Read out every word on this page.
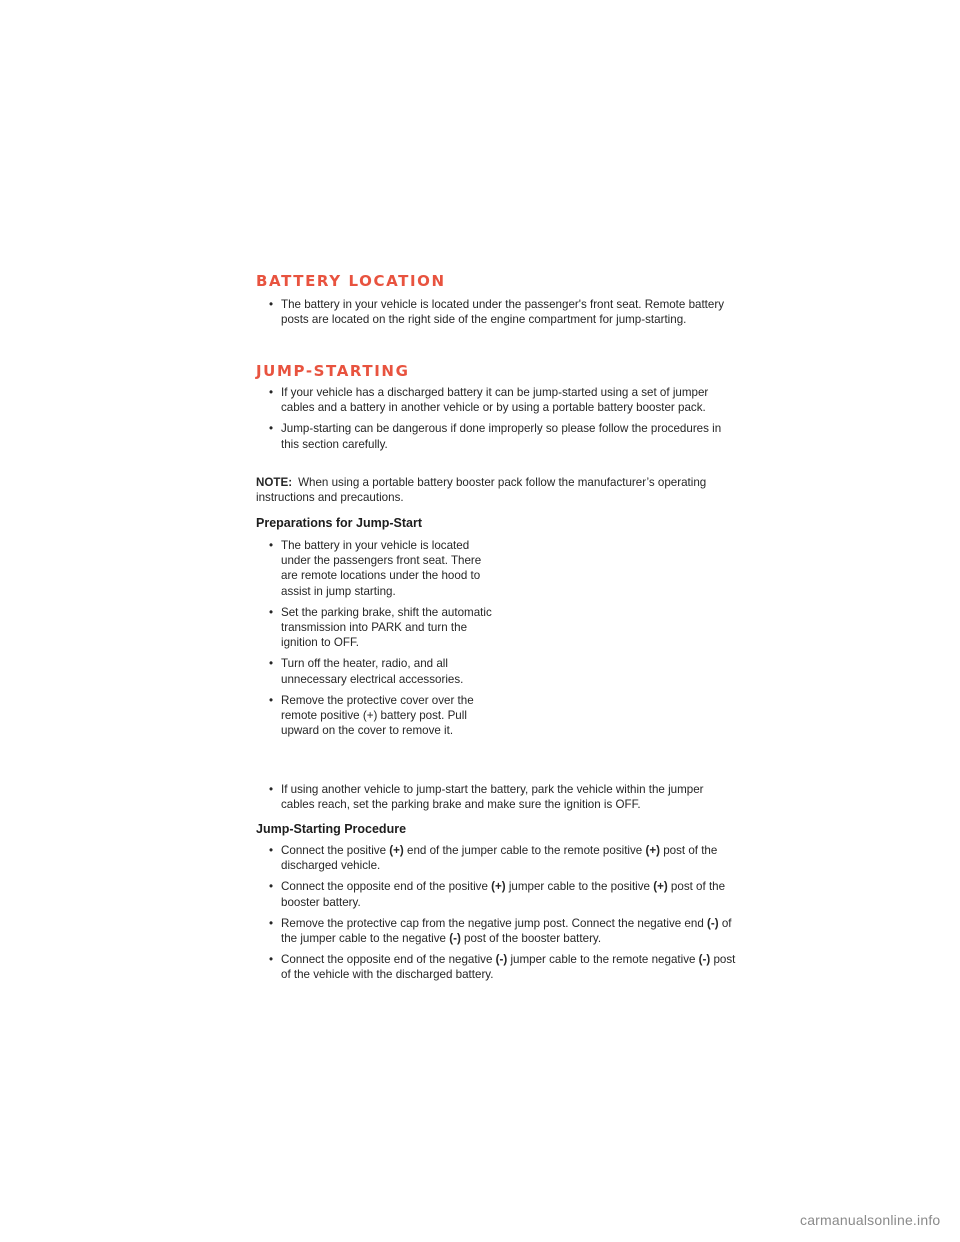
BATTERY LOCATION
• The battery in your vehicle is located under the passenger's front seat. Remote battery posts are located on the right side of the engine compartment for jump-starting.
JUMP-STARTING
• If your vehicle has a discharged battery it can be jump-started using a set of jumper cables and a battery in another vehicle or by using a portable battery booster pack.
• Jump-starting can be dangerous if done improperly so please follow the procedures in this section carefully.

NOTE: When using a portable battery booster pack follow the manufacturer’s operating instructions and precautions.

Preparations for Jump-Start
• The battery in your vehicle is located under the passengers front seat. There are remote locations under the hood to assist in jump starting.
• Set the parking brake, shift the automatic transmission into PARK and turn the ignition to OFF.
• Turn off the heater, radio, and all unnecessary electrical accessories.
• Remove the protective cover over the remote positive (+) battery post. Pull upward on the cover to remove it.
• If using another vehicle to jump-start the battery, park the vehicle within the jumper cables reach, set the parking brake and make sure the ignition is OFF.
Jump-Starting Procedure
• Connect the positive (+) end of the jumper cable to the remote positive (+) post of the discharged vehicle.
• Connect the opposite end of the positive (+) jumper cable to the positive (+) post of the booster battery.
• Remove the protective cap from the negative jump post. Connect the negative end (-) of the jumper cable to the negative (-) post of the booster battery.
• Connect the opposite end of the negative (-) jumper cable to the remote negative (-) post of the vehicle with the discharged battery.
carmanualsonline.info
